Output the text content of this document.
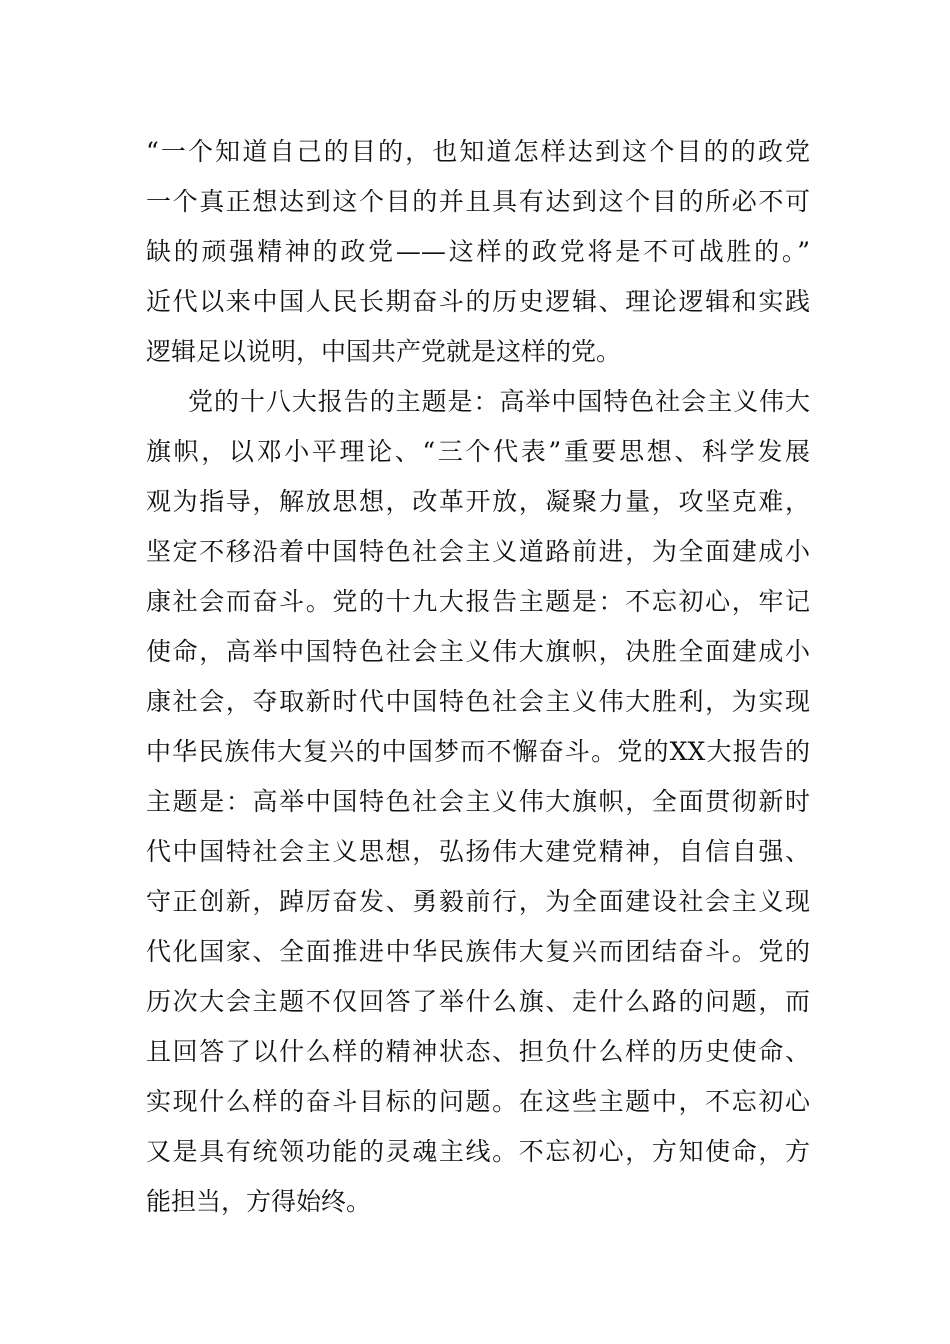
“一个知道自己的目的，也知道怎样达到这个目的的政党
一个真正想达到这个目的并且具有达到这个目的所必不可
缺的顽强精神的政党——这样的政党将是不可战胜的。”
近代以来中国人民长期奋斗的历史逻辑、理论逻辑和实践
逻辑足以说明，中国共产党就是这样的党。
党的十八大报告的主题是：高举中国特色社会主义伟大
旗帜，以邓小平理论、“三个代表”重要思想、科学发展
观为指导，解放思想，改革开放，凝聚力量，攻坚克难，
坚定不移沿着中国特色社会主义道路前进，为全面建成小
康社会而奋斗。党的十九大报告主题是：不忘初心，牢记
使命，高举中国特色社会主义伟大旗帜，决胜全面建成小
康社会，夺取新时代中国特色社会主义伟大胜利，为实现
中华民族伟大复兴的中国梦而不懈奋斗。党的XX大报告的
主题是：高举中国特色社会主义伟大旗帜，全面贯彻新时
代中国特社会主义思想，弘扬伟大建党精神，自信自强、
守正创新，踔厉奋发、勇毅前行，为全面建设社会主义现
代化国家、全面推进中华民族伟大复兴而团结奋斗。党的
历次大会主题不仅回答了举什么旗、走什么路的问题，而
且回答了以什么样的精神状态、担负什么样的历史使命、
实现什么样的奋斗目标的问题。在这些主题中，不忘初心
又是具有统领功能的灵魂主线。不忘初心，方知使命，方
能担当，方得始终。
